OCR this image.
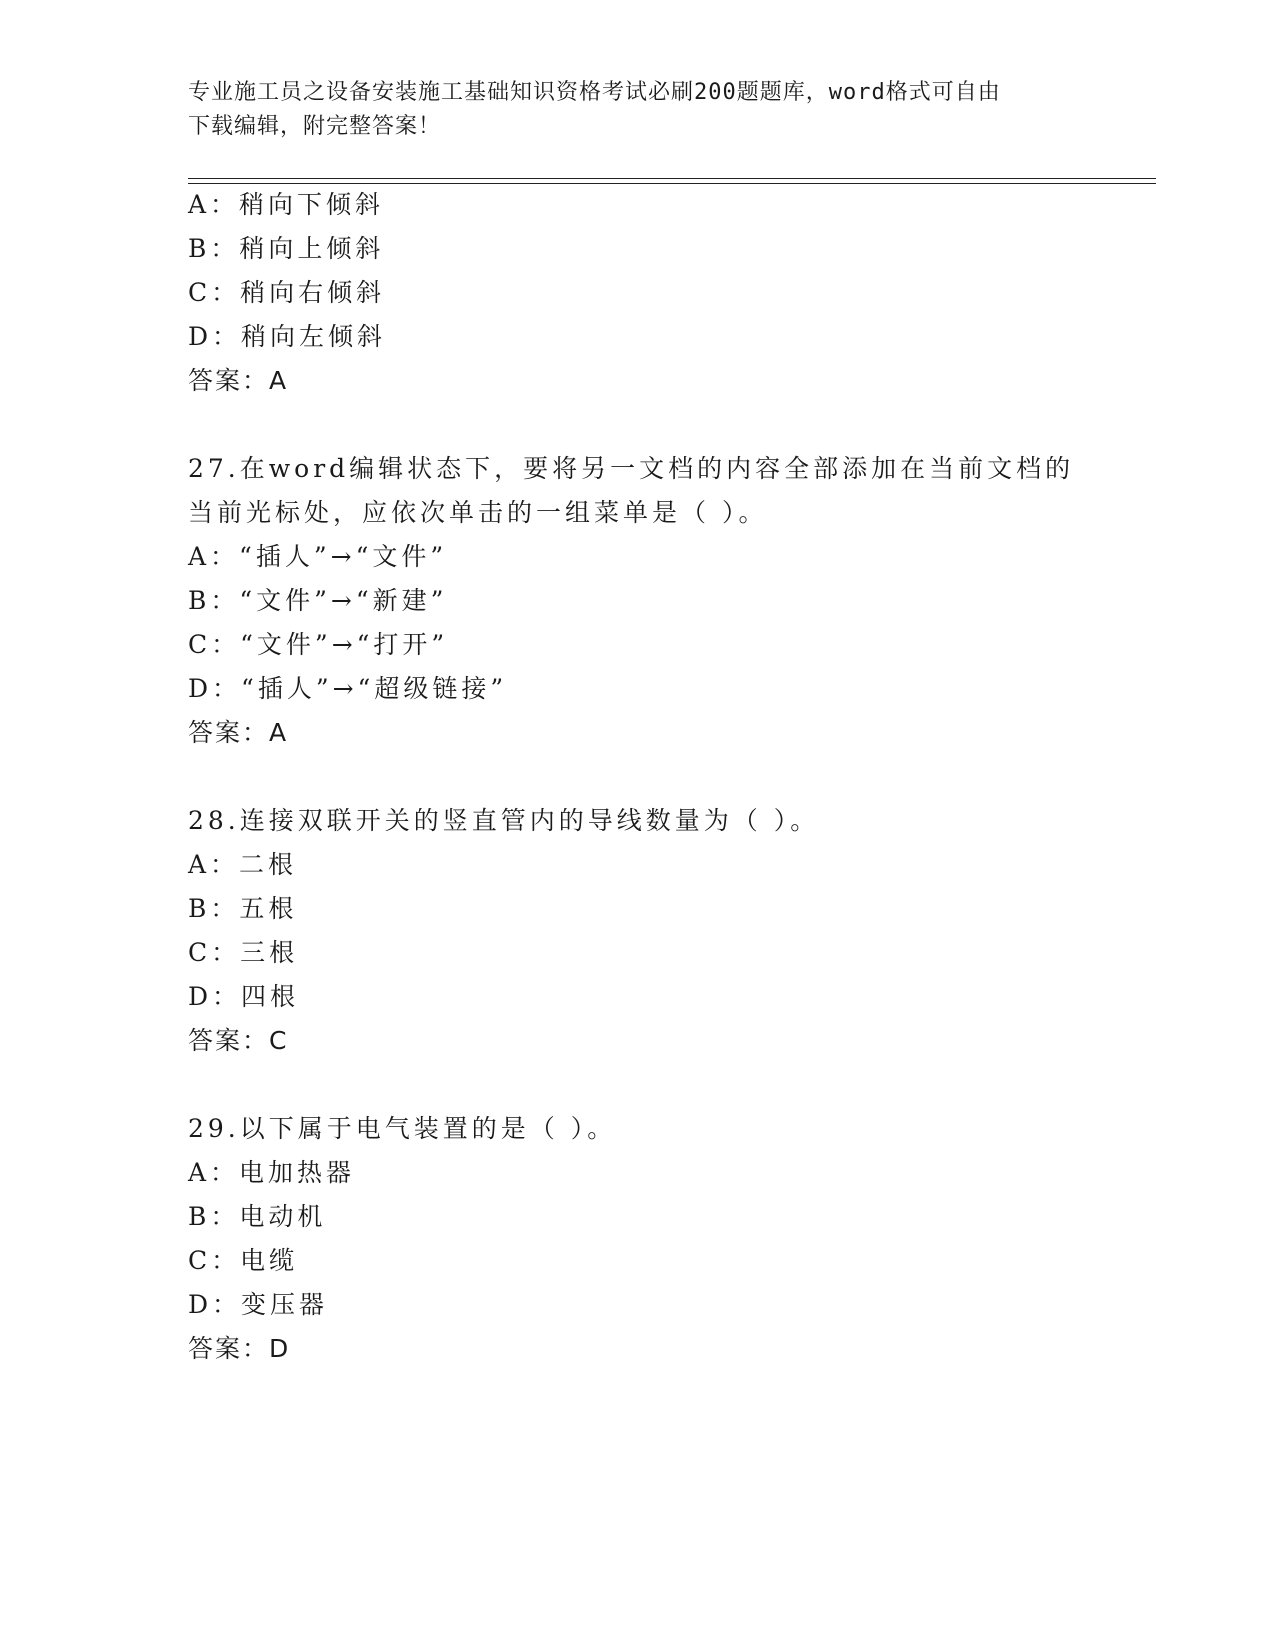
专业施工员之设备安装施工基础知识资格考试必刷200题题库，word格式可自由
下载编辑，附完整答案！
A：稍向下倾斜
B：稍向上倾斜
C：稍向右倾斜
D：稍向左倾斜
答案：A
27.在word编辑状态下，要将另一文档的内容全部添加在当前文档的
当前光标处，应依次单击的一组菜单是（ ）。
A：“插人”→“文件”
B：“文件”→“新建”
C：“文件”→“打开”
D：“插人”→“超级链接”
答案：A
28.连接双联开关的竖直管内的导线数量为（ ）。
A：二根
B：五根
C：三根
D：四根
答案：C
29.以下属于电气装置的是（ ）。
A：电加热器
B：电动机
C：电缆
D：变压器
答案：D
